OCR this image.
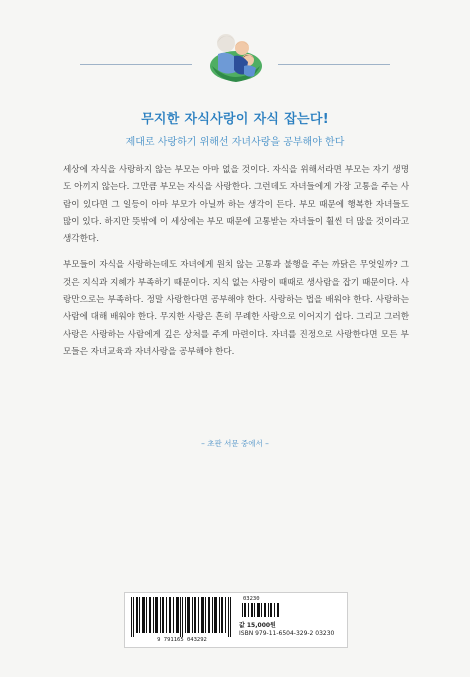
무지한 자식사랑이 자식 잡는다!
제대로 사랑하기 위해선 자녀사랑을 공부해야 한다

세상에 자식을 사랑하지 않는 부모는 아마 없을 것이다. 자식을 위해서라면 부모는 자기 생명도 아끼지 않는다. 그만큼 부모는 자식을 사랑한다. 그런데도 자녀들에게 가장 고통을 주는 사람이 있다면 그 일등이 아마 부모가 아닐까 하는 생각이 든다. 부모 때문에 행복한 자녀들도 많이 있다. 하지만 뜻밖에 이 세상에는 부모 때문에 고통받는 자녀들이 훨씬 더 많을 것이라고 생각한다.

부모들이 자식을 사랑하는데도 자녀에게 원치 않는 고통과 불행을 주는 까닭은 무엇일까? 그것은 지식과 지혜가 부족하기 때문이다. 지식 없는 사랑이 때때로 생사람을 잡기 때문이다. 사랑만으로는 부족하다. 정말 사랑한다면 공부해야 한다. 사랑하는 법을 배워야 한다. 사랑하는 사람에 대해 배워야 한다. 무지한 사랑은 흔히 무례한 사랑으로 이어지기 쉽다. 그리고 그러한 사랑은 사랑하는 사람에게 깊은 상처를 주게 마련이다. 자녀를 진정으로 사랑한다면 모든 부모들은 자녀교육과 자녀사랑을 공부해야 한다.

– 초판 서문 중에서 –
9 791165 043292
03230
값 15,000원
ISBN 979-11-6504-329-2 03230
